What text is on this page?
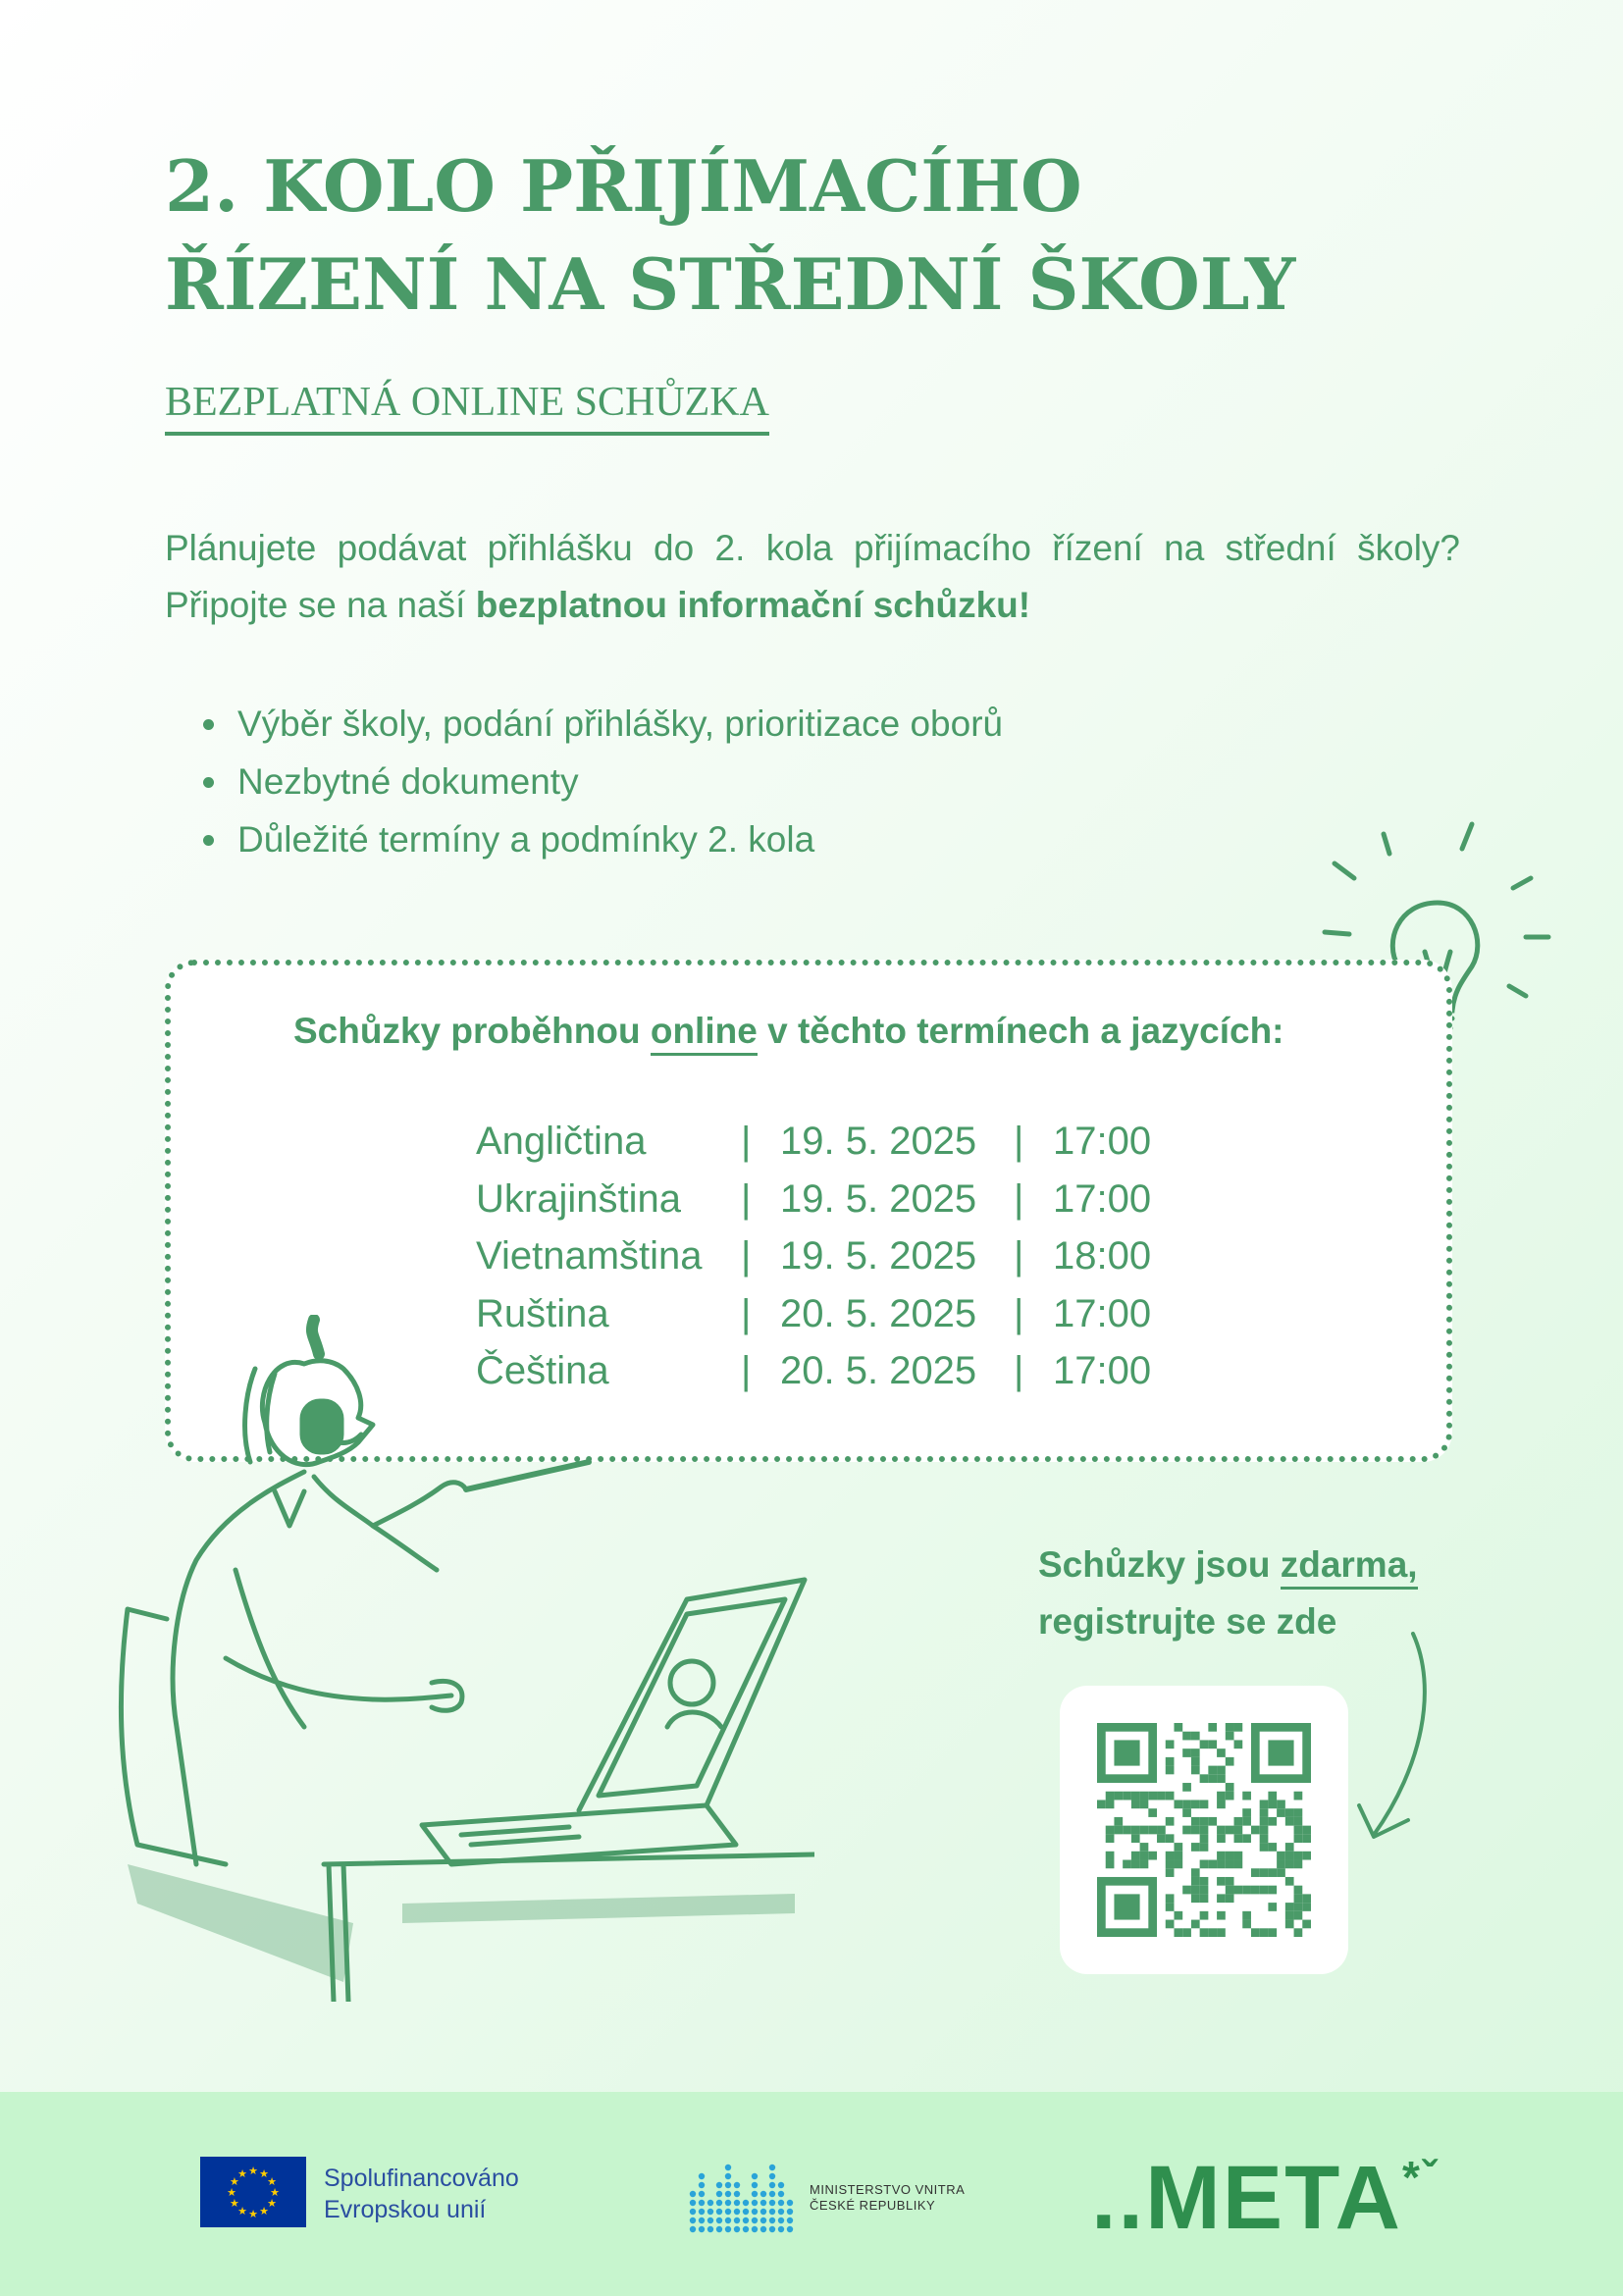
2. KOLO PŘIJÍMACÍHO
ŘÍZENÍ NA STŘEDNÍ ŠKOLY
BEZPLATNÁ ONLINE SCHŮZKA

Plánujete podávat přihlášku do 2. kola přijímacího řízení na střední školy? Připojte se na naší bezplatnou informační schůzku!

• Výběr školy, podání přihlášky, prioritizace oborů
• Nezbytné dokumenty
• Důležité termíny a podmínky 2. kola
Schůzky proběhnou online v těchto termínech a jazycích:
Angličtina	|	19. 5. 2025	|	17:00
Ukrajinština	|	19. 5. 2025	|	17:00
Vietnamština	|	19. 5. 2025	|	18:00
Ruština	|	20. 5. 2025	|	17:00
Čeština	|	20. 5. 2025	|	17:00
Schůzky jsou zdarma,
registrujte se zde
★
★
★
★
★
★
★
★
★ ★ ★
★ Spolufinancováno
Evropskou unií
MINISTERSTVO VNITRA
ČESKÉ REPUBLIKY	$..META^{*ˇ}$
